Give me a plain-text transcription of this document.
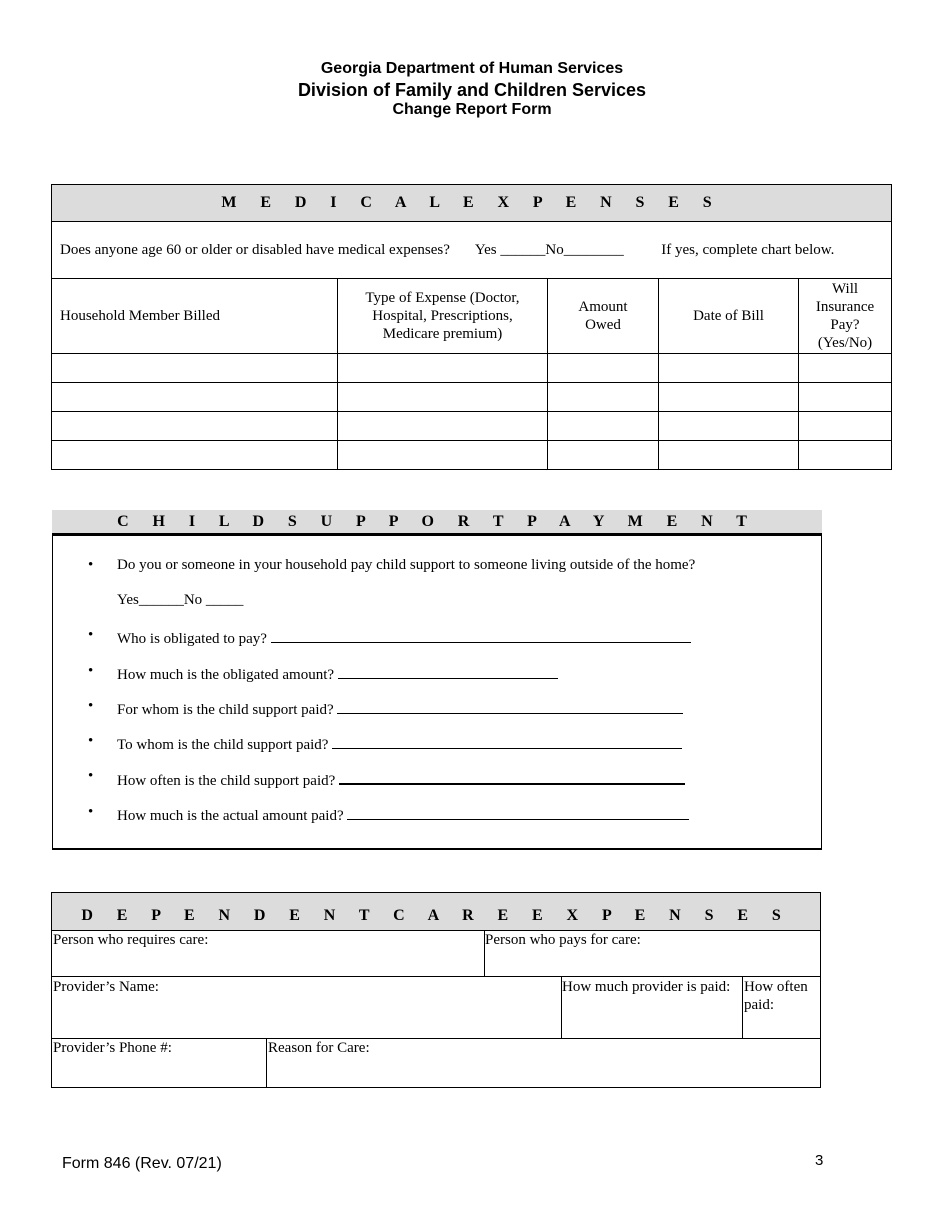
Georgia Department of Human Services
Division of Family and Children Services
Change Report Form
M E D I C A L E X P E N S E S				
Does anyone age 60 or older or disabled have medical expenses? Yes ______No________ If yes, complete chart below.				
Household Member Billed	Type of Expense (Doctor, Hospital, Prescriptions, Medicare premium)	Amount Owed	Date of Bill	Will Insurance Pay? (Yes/No)

C H I L D S U P P O R T P A Y M E N T
• Do you or someone in your household pay child support to someone living outside of the home?
Yes______No _____
• Who is obligated to pay?
• How much is the obligated amount?
• For whom is the child support paid?
• To whom is the child support paid?
• How often is the child support paid?
• How much is the actual amount paid?
D E P E N D E N T C A R E E X P E N S E S
Person who requires care:	Person who pays for care:
Provider’s Name:	How much provider is paid: How often paid:
Provider’s Phone #:	Reason for Care:
Form 846 (Rev. 07/21)	3
